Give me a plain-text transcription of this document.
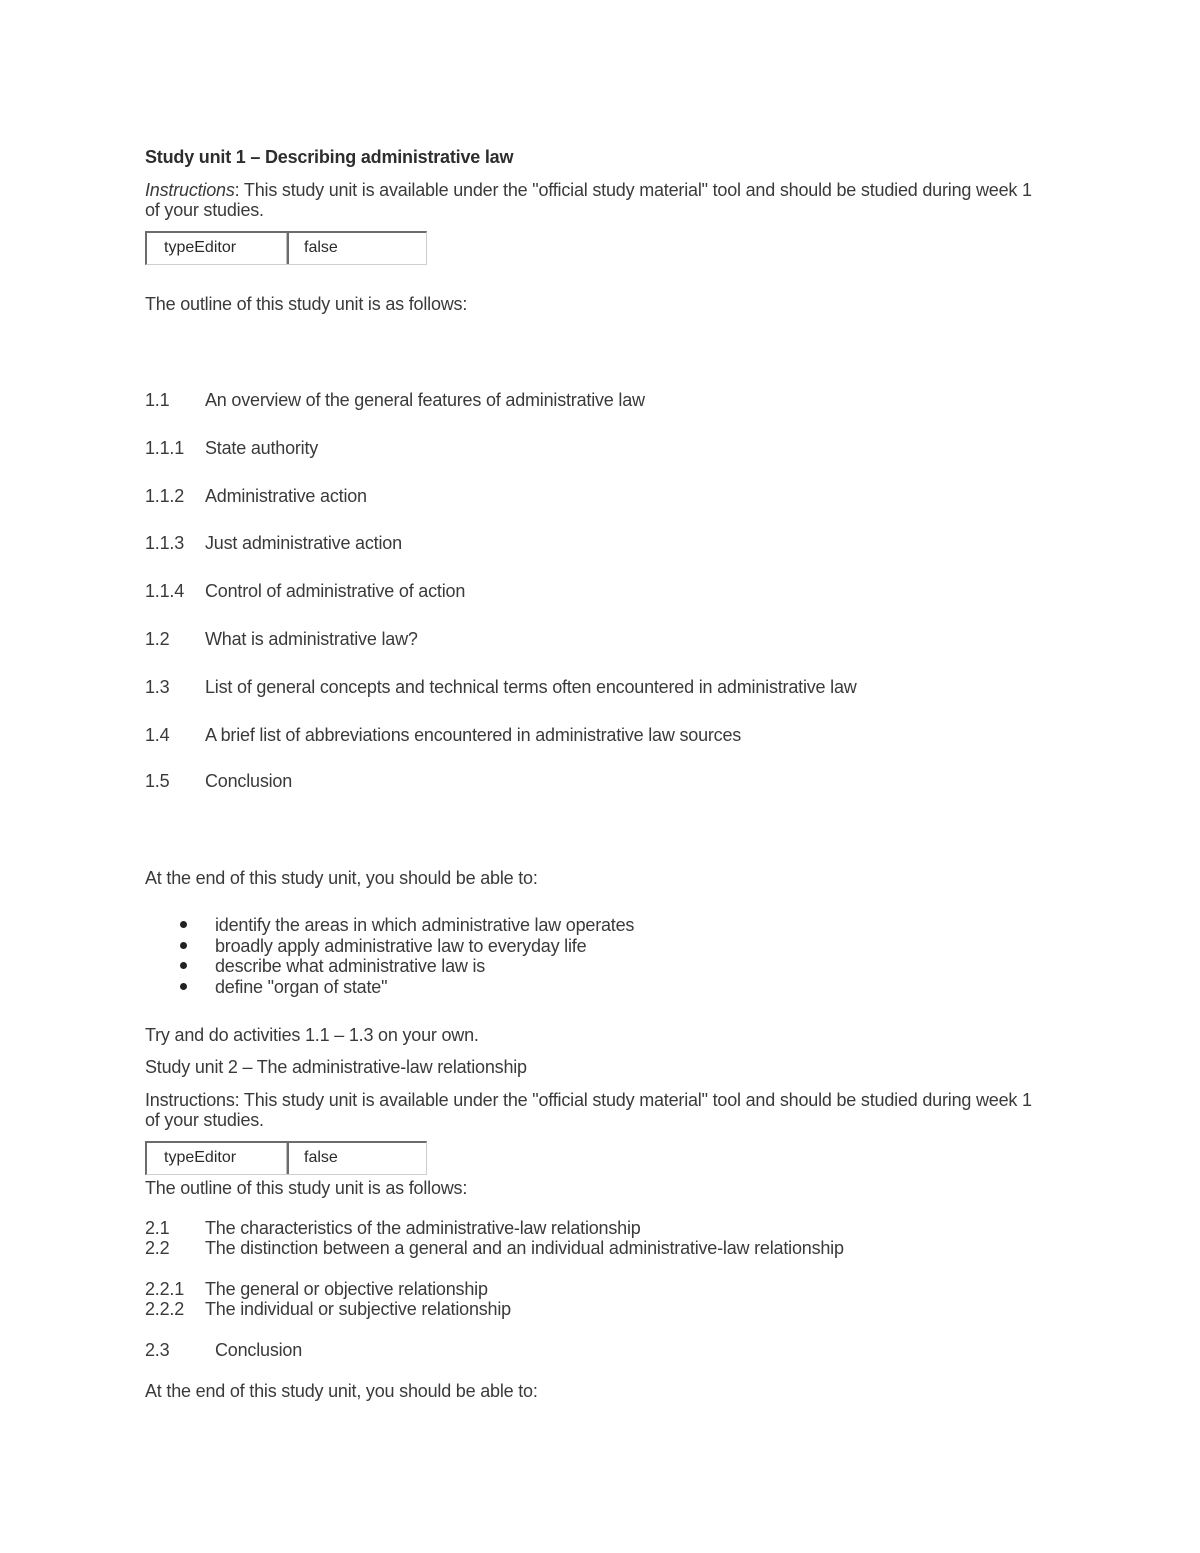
Study unit 1 – Describing administrative law
Instructions: This study unit is available under the "official study material" tool and should be studied during week 1
of your studies.
typeEditor	false
The outline of this study unit is as follows:
1.1 An overview of the general features of administrative law
1.1.1 State authority
1.1.2 Administrative action
1.1.3 Just administrative action
1.1.4 Control of administrative of action
1.2 What is administrative law?
1.3 List of general concepts and technical terms often encountered in administrative law
1.4 A brief list of abbreviations encountered in administrative law sources
1.5 Conclusion
At the end of this study unit, you should be able to:
identify the areas in which administrative law operates
broadly apply administrative law to everyday life
describe what administrative law is
define "organ of state"
Try and do activities 1.1 – 1.3 on your own.
Study unit 2 – The administrative-law relationship
Instructions: This study unit is available under the "official study material" tool and should be studied during week 1
of your studies.
typeEditor	false
The outline of this study unit is as follows:
2.1 The characteristics of the administrative-law relationship
2.2 The distinction between a general and an individual administrative-law relationship
2.2.1 The general or objective relationship
2.2.2 The individual or subjective relationship
2.3	Conclusion
At the end of this study unit, you should be able to:
